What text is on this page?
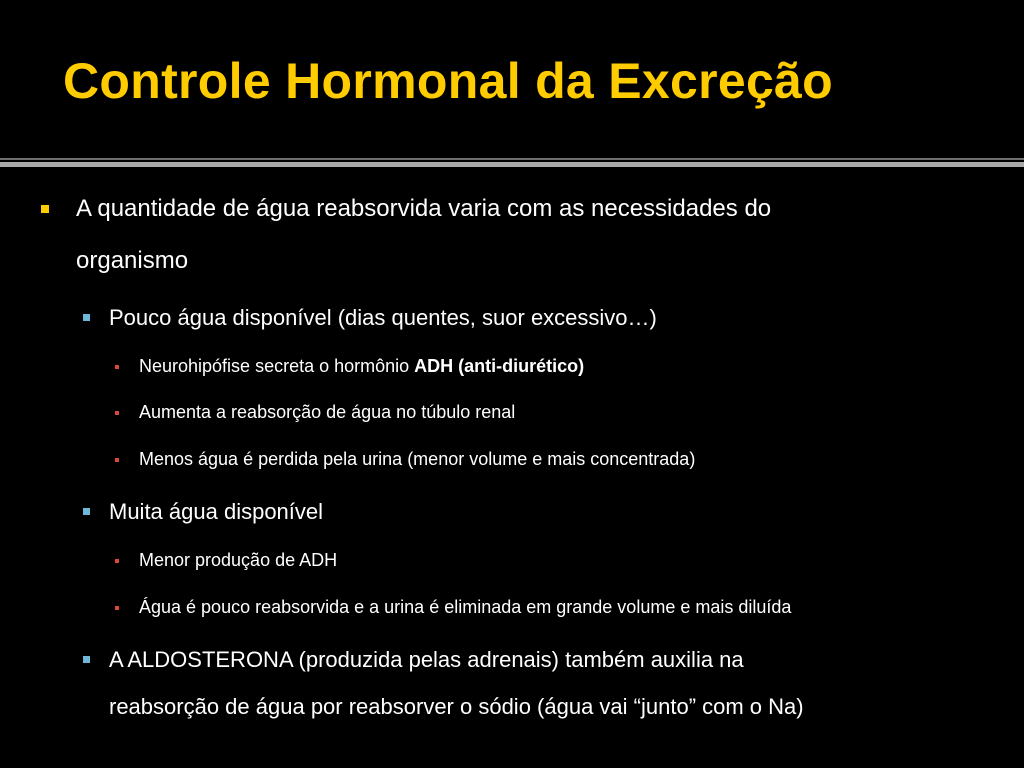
Controle Hormonal da Excreção
A quantidade de água reabsorvida varia com as necessidades do
organismo
Pouco água disponível (dias quentes, suor excessivo…)
Neurohipófise secreta o hormônio ADH (anti-diurético)
Aumenta a reabsorção de água no túbulo renal
Menos água é perdida pela urina (menor volume e mais concentrada)
Muita água disponível
Menor produção de ADH
Água é pouco reabsorvida e a urina é eliminada em grande volume e mais diluída
A ALDOSTERONA (produzida pelas adrenais) também auxilia na
reabsorção de água por reabsorver o sódio (água vai “junto” com o Na)
